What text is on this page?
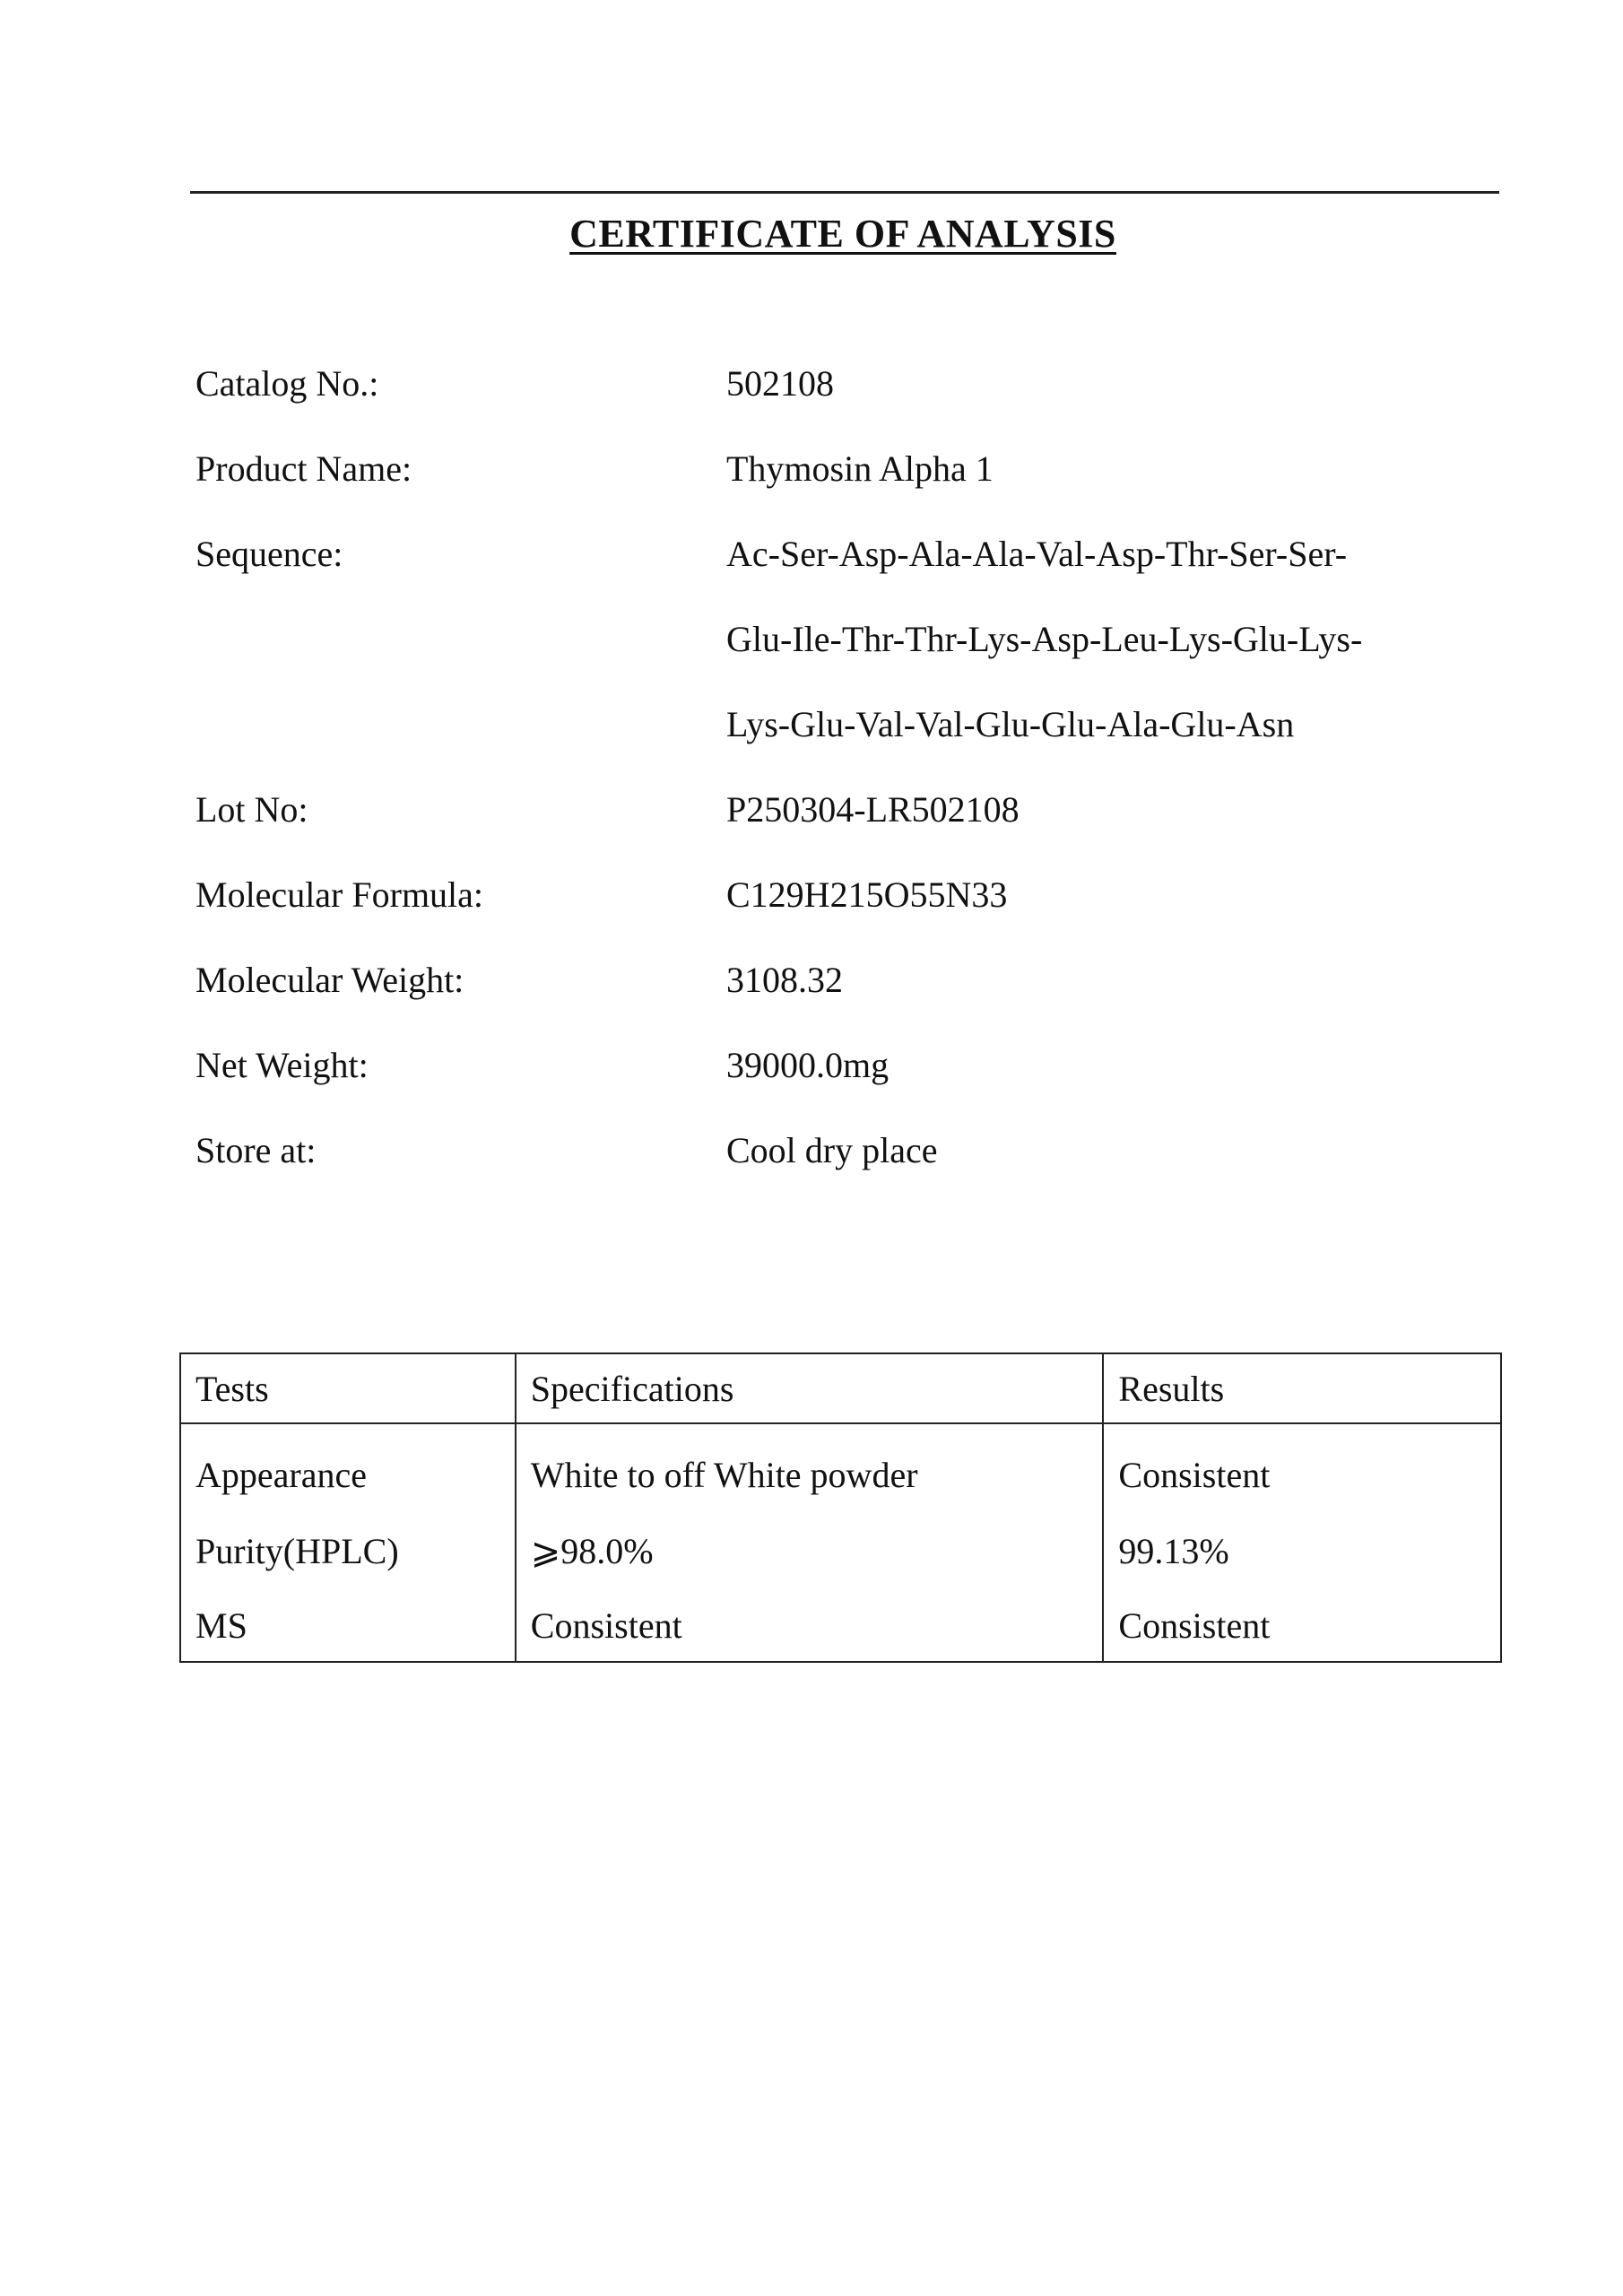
CERTIFICATE OF ANALYSIS
Catalog No.:	502108
Product Name:	Thymosin Alpha 1
Sequence:	Ac-Ser-Asp-Ala-Ala-Val-Asp-Thr-Ser-Ser-
Glu-Ile-Thr-Thr-Lys-Asp-Leu-Lys-Glu-Lys-
Lys-Glu-Val-Val-Glu-Glu-Ala-Glu-Asn
Lot No:	P250304-LR502108
Molecular Formula:	C129H215O55N33
Molecular Weight:	3108.32
Net Weight:	39000.0mg
Store at:	Cool dry place
Tests	Specifications	Results
Appearance	White to off White powder	Consistent
Purity(HPLC)	⩾98.0%	99.13%
MS	Consistent	Consistent
